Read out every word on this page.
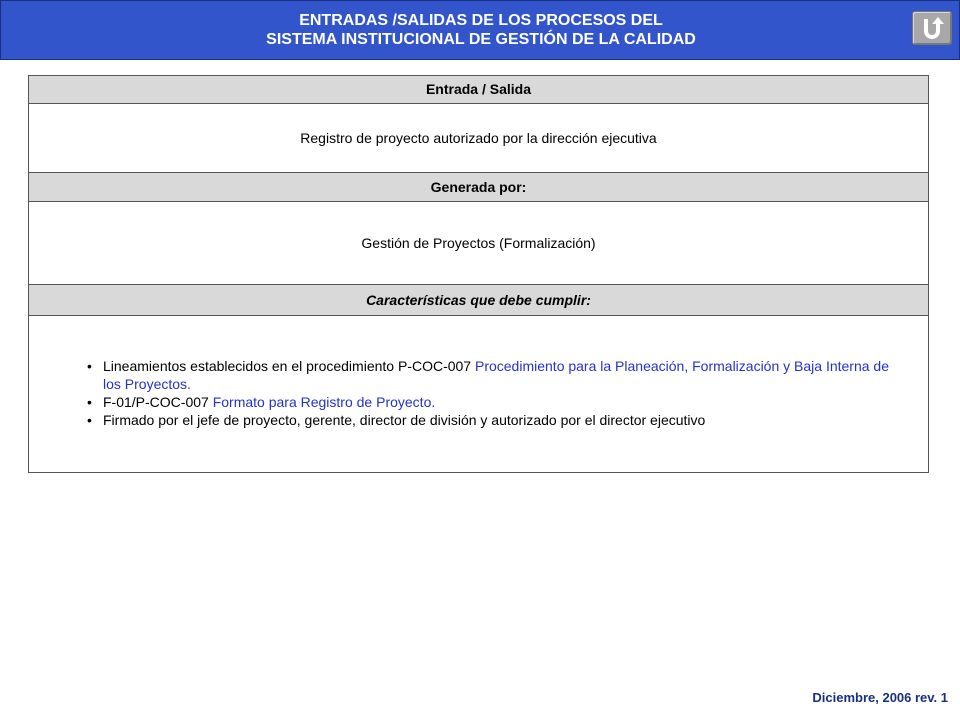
ENTRADAS /SALIDAS DE LOS PROCESOS DEL
SISTEMA INSTITUCIONAL DE GESTIÓN DE LA CALIDAD
Entrada / Salida
Registro de proyecto autorizado por la dirección ejecutiva
Generada por:
Gestión de Proyectos (Formalización)
Características que debe cumplir:
• Lineamientos establecidos en el procedimiento P-COC-007 Procedimiento para la Planeación, Formalización y Baja Interna de los Proyectos.
• F-01/P-COC-007 Formato para Registro de Proyecto.
• Firmado por el jefe de proyecto, gerente, director de división y autorizado por el director ejecutivo
Diciembre, 2006 rev. 1
